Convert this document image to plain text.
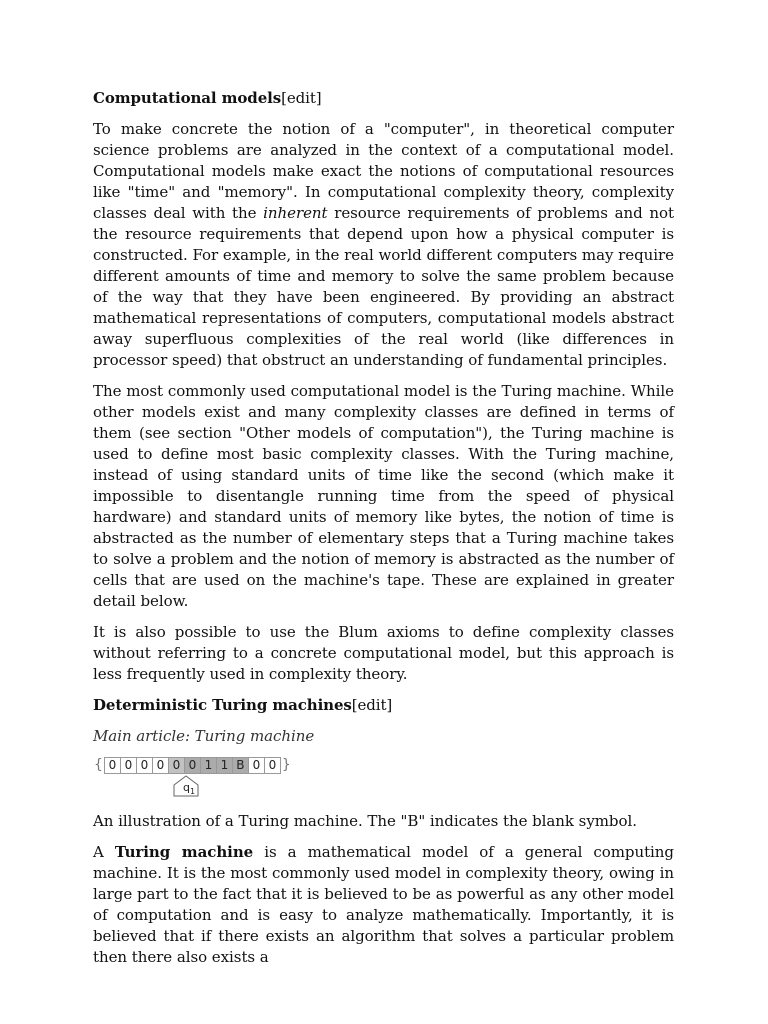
Computational models[edit]

To make concrete the notion of a "computer", in theoretical computer science problems are analyzed in the context of a computational model. Computational models make exact the notions of computational resources like "time" and "memory". In computational complexity theory, complexity classes deal with the inherent resource requirements of problems and not the resource requirements that depend upon how a physical computer is constructed. For example, in the real world different computers may require different amounts of time and memory to solve the same problem because of the way that they have been engineered. By providing an abstract mathematical representations of computers, computational models abstract away superfluous complexities of the real world (like differences in processor speed) that obstruct an understanding of fundamental principles.

The most commonly used computational model is the Turing machine. While other models exist and many complexity classes are defined in terms of them (see section "Other models of computation"), the Turing machine is used to define most basic complexity classes. With the Turing machine, instead of using standard units of time like the second (which make it impossible to disentangle running time from the speed of physical hardware) and standard units of memory like bytes, the notion of time is abstracted as the number of elementary steps that a Turing machine takes to solve a problem and the notion of memory is abstracted as the number of cells that are used on the machine's tape. These are explained in greater detail below.

It is also possible to use the Blum axioms to define complexity classes without referring to a concrete computational model, but this approach is less frequently used in complexity theory.

Deterministic Turing machines[edit]

Main article: Turing machine

{ 0 0 0 0 0 0 1 1 B 0 0 }
$q_1$

An illustration of a Turing machine. The "B" indicates the blank symbol.

A Turing machine is a mathematical model of a general computing machine. It is the most commonly used model in complexity theory, owing in large part to the fact that it is believed to be as powerful as any other model of computation and is easy to analyze mathematically. Importantly, it is believed that if there exists an algorithm that solves a particular problem then there also exists a
